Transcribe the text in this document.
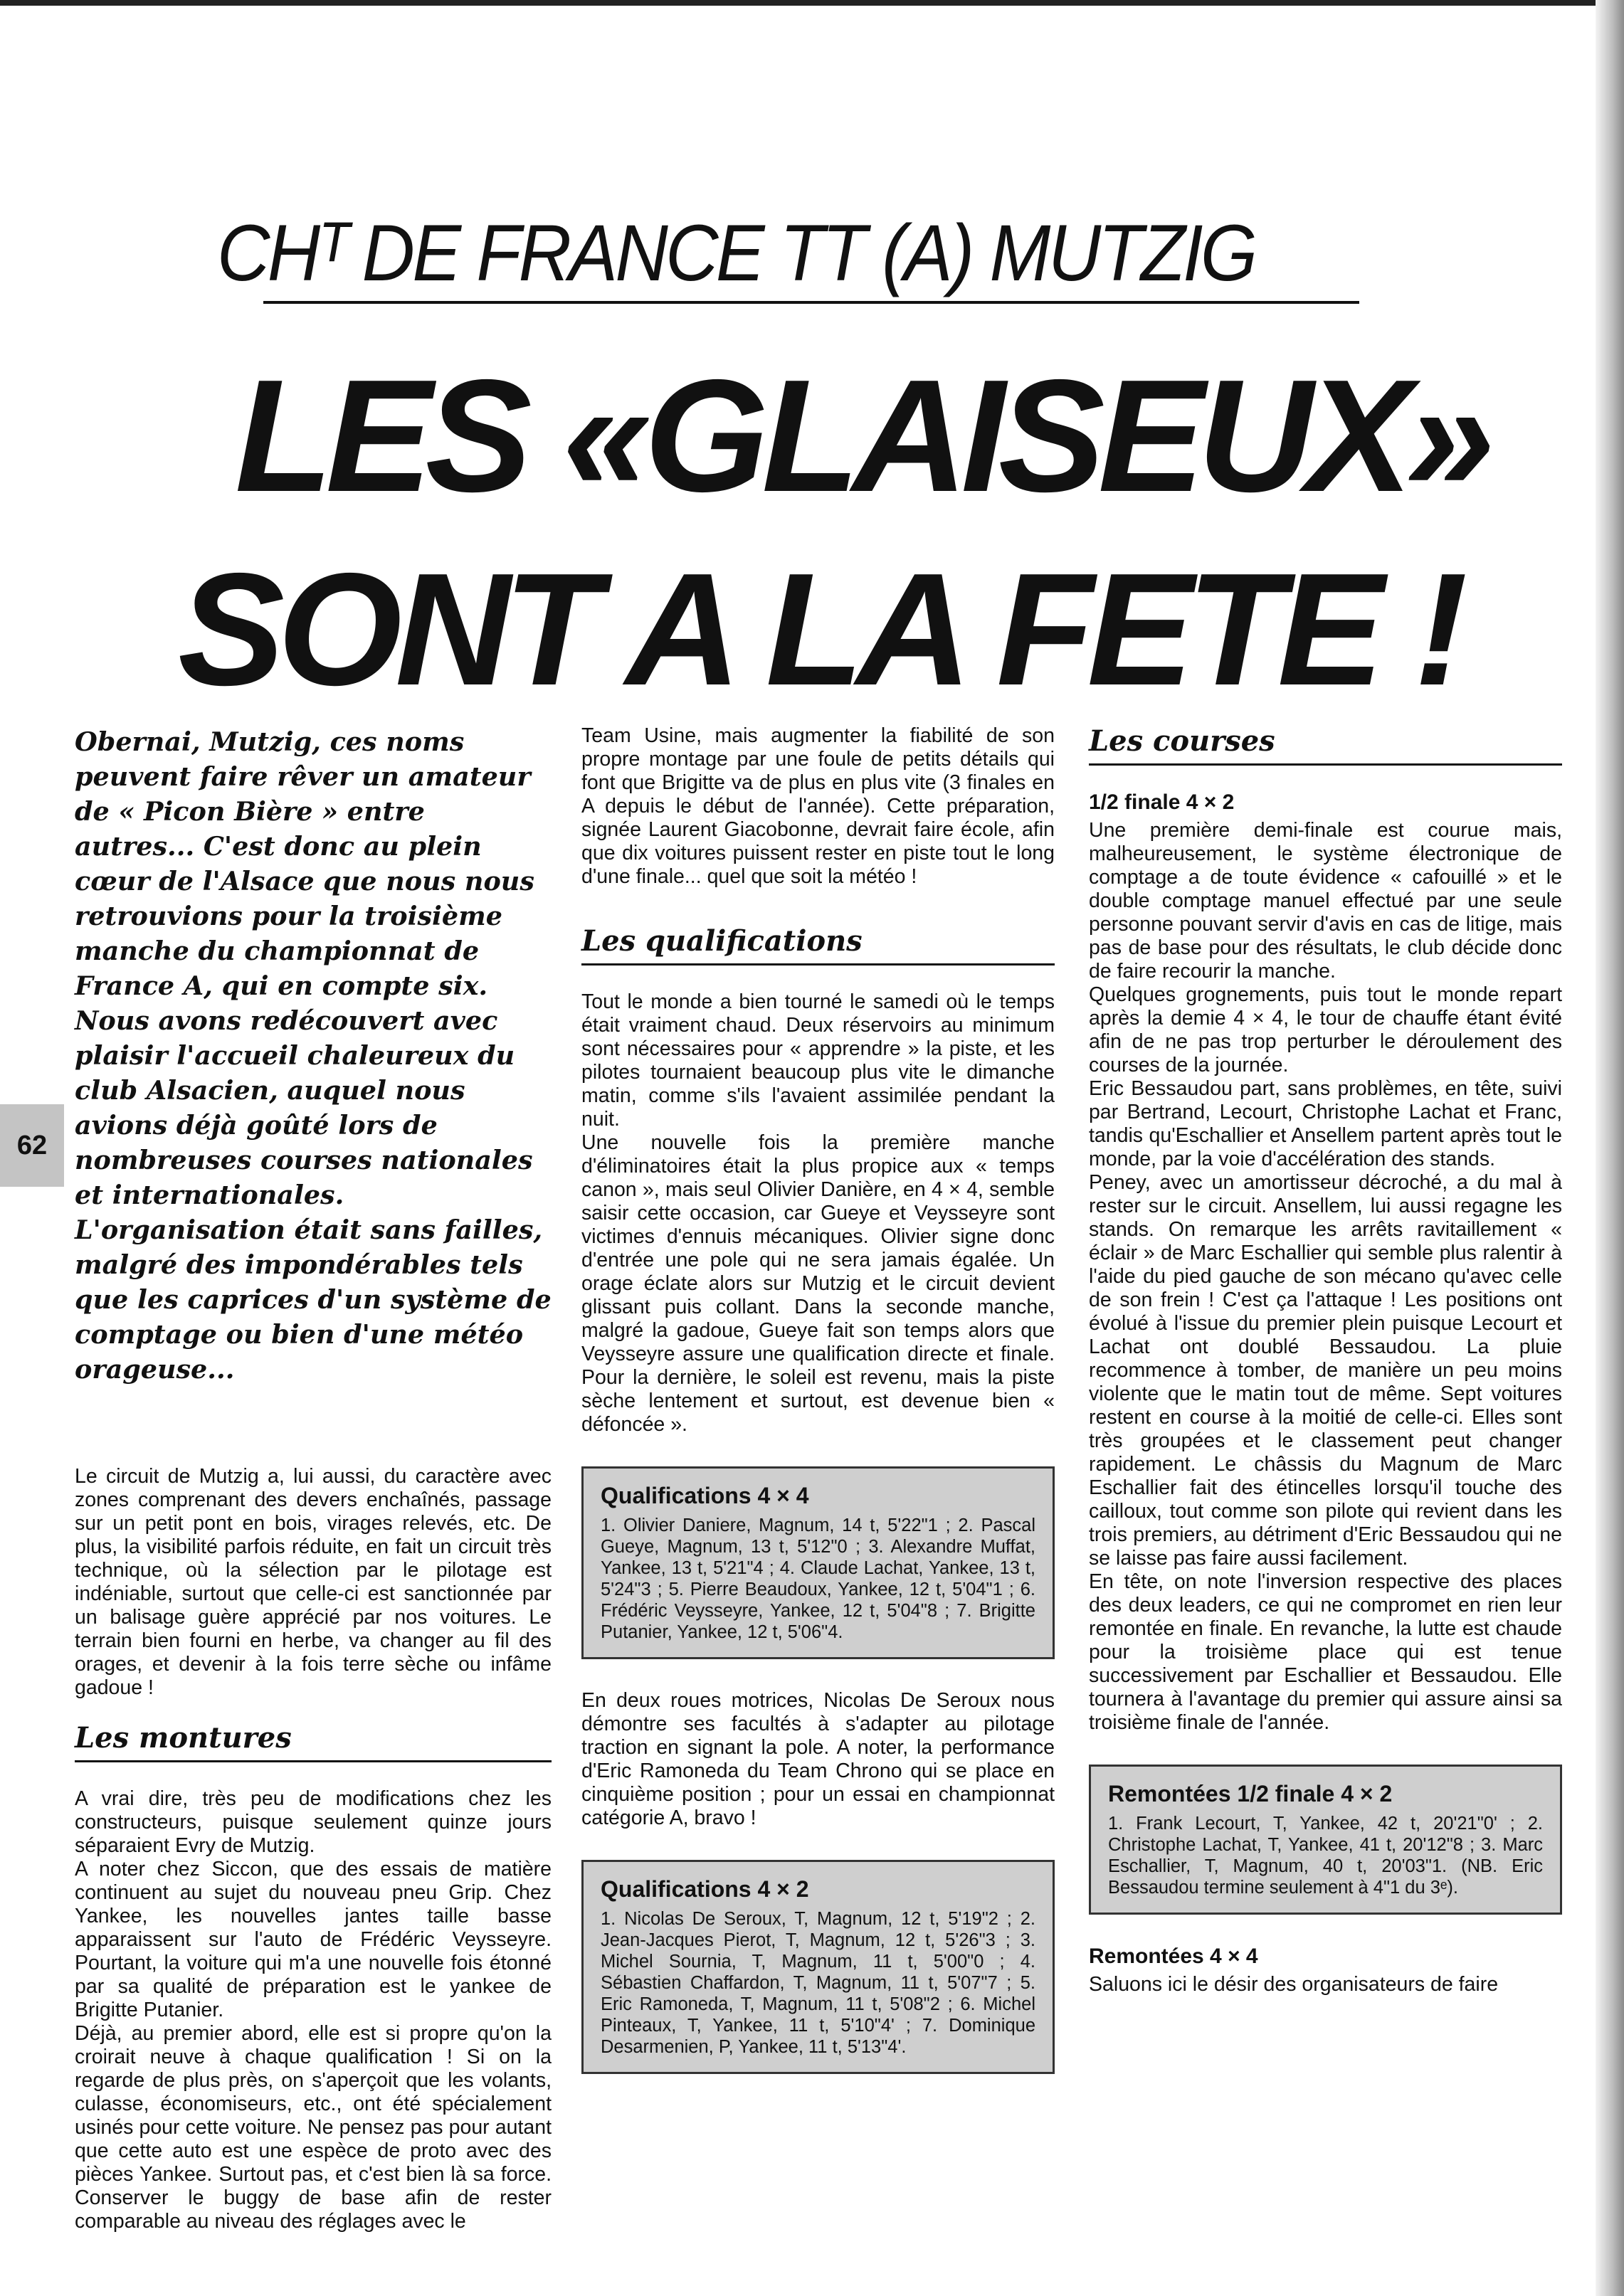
CHᵀ DE FRANCE TT (A) MUTZIG
LES «GLAISEUX»
SONT A LA FETE !
62
Obernai, Mutzig, ces noms peuvent faire rêver un amateur de « Picon Bière » entre autres... C'est donc au plein cœur de l'Alsace que nous nous retrouvions pour la troisième manche du championnat de France A, qui en compte six. Nous avons redécouvert avec plaisir l'accueil chaleureux du club Alsacien, auquel nous avions déjà goûté lors de nombreuses courses nationales et internationales. L'organisation était sans failles, malgré des impondérables tels que les caprices d'un système de comptage ou bien d'une météo orageuse...

Le circuit de Mutzig a, lui aussi, du caractère avec zones comprenant des devers enchaînés, passage sur un petit pont en bois, virages relevés, etc. De plus, la visibilité parfois réduite, en fait un circuit très technique, où la sélection par le pilotage est indéniable, surtout que celle-ci est sanctionnée par un balisage guère apprécié par nos voitures. Le terrain bien fourni en herbe, va changer au fil des orages, et devenir à la fois terre sèche ou infâme gadoue !

Les montures

A vrai dire, très peu de modifications chez les constructeurs, puisque seulement quinze jours séparaient Evry de Mutzig.

A noter chez Siccon, que des essais de matière continuent au sujet du nouveau pneu Grip. Chez Yankee, les nouvelles jantes taille basse apparaissent sur l'auto de Frédéric Veysseyre. Pourtant, la voiture qui m'a une nouvelle fois étonné par sa qualité de préparation est le yankee de Brigitte Putanier.

Déjà, au premier abord, elle est si propre qu'on la croirait neuve à chaque qualification ! Si on la regarde de plus près, on s'aperçoit que les volants, culasse, économiseurs, etc., ont été spécialement usinés pour cette voiture. Ne pensez pas pour autant que cette auto est une espèce de proto avec des pièces Yankee. Surtout pas, et c'est bien là sa force. Conserver le buggy de base afin de rester comparable au niveau des réglages avec le

Team Usine, mais augmenter la fiabilité de son propre montage par une foule de petits détails qui font que Brigitte va de plus en plus vite (3 finales en A depuis le début de l'année). Cette préparation, signée Laurent Giacobonne, devrait faire école, afin que dix voitures puissent rester en piste tout le long d'une finale... quel que soit la météo !

Les qualifications

Tout le monde a bien tourné le samedi où le temps était vraiment chaud. Deux réservoirs au minimum sont nécessaires pour « apprendre » la piste, et les pilotes tournaient beaucoup plus vite le dimanche matin, comme s'ils l'avaient assimilée pendant la nuit.

Une nouvelle fois la première manche d'éliminatoires était la plus propice aux « temps canon », mais seul Olivier Danière, en 4 × 4, semble saisir cette occasion, car Gueye et Veysseyre sont victimes d'ennuis mécaniques. Olivier signe donc d'entrée une pole qui ne sera jamais égalée. Un orage éclate alors sur Mutzig et le circuit devient glissant puis collant. Dans la seconde manche, malgré la gadoue, Gueye fait son temps alors que Veysseyre assure une qualification directe et finale. Pour la dernière, le soleil est revenu, mais la piste sèche lentement et surtout, est devenue bien « défoncée ».

Qualifications 4 × 4
1. Olivier Daniere, Magnum, 14 t, 5'22"1 ; 2. Pascal Gueye, Magnum, 13 t, 5'12"0 ; 3. Alexandre Muffat, Yankee, 13 t, 5'21"4 ; 4. Claude Lachat, Yankee, 13 t, 5'24"3 ; 5. Pierre Beaudoux, Yankee, 12 t, 5'04"1 ; 6. Frédéric Veysseyre, Yankee, 12 t, 5'04"8 ; 7. Brigitte Putanier, Yankee, 12 t, 5'06"4.

En deux roues motrices, Nicolas De Seroux nous démontre ses facultés à s'adapter au pilotage traction en signant la pole. A noter, la performance d'Eric Ramoneda du Team Chrono qui se place en cinquième position ; pour un essai en championnat catégorie A, bravo !

Qualifications 4 × 2
1. Nicolas De Seroux, T, Magnum, 12 t, 5'19"2 ; 2. Jean-Jacques Pierot, T, Magnum, 12 t, 5'26"3 ; 3. Michel Sournia, T, Magnum, 11 t, 5'00"0 ; 4. Sébastien Chaffardon, T, Magnum, 11 t, 5'07"7 ; 5. Eric Ramoneda, T, Magnum, 11 t, 5'08"2 ; 6. Michel Pinteaux, T, Yankee, 11 t, 5'10"4' ; 7. Dominique Desarmenien, P, Yankee, 11 t, 5'13"4'.
Les courses
1/2 finale 4 × 2

Une première demi-finale est courue mais, malheureusement, le système électronique de comptage a de toute évidence « cafouillé » et le double comptage manuel effectué par une seule personne pouvant servir d'avis en cas de litige, mais pas de base pour des résultats, le club décide donc de faire recourir la manche.

Quelques grognements, puis tout le monde repart après la demie 4 × 4, le tour de chauffe étant évité afin de ne pas trop perturber le déroulement des courses de la journée.

Eric Bessaudou part, sans problèmes, en tête, suivi par Bertrand, Lecourt, Christophe Lachat et Franc, tandis qu'Eschallier et Ansellem partent après tout le monde, par la voie d'accélération des stands.

Peney, avec un amortisseur décroché, a du mal à rester sur le circuit. Ansellem, lui aussi regagne les stands. On remarque les arrêts ravitaillement « éclair » de Marc Eschallier qui semble plus ralentir à l'aide du pied gauche de son mécano qu'avec celle de son frein ! C'est ça l'attaque ! Les positions ont évolué à l'issue du premier plein puisque Lecourt et Lachat ont doublé Bessaudou. La pluie recommence à tomber, de manière un peu moins violente que le matin tout de même. Sept voitures restent en course à la moitié de celle-ci. Elles sont très groupées et le classement peut changer rapidement. Le châssis du Magnum de Marc Eschallier fait des étincelles lorsqu'il touche des cailloux, tout comme son pilote qui revient dans les trois premiers, au détriment d'Eric Bessaudou qui ne se laisse pas faire aussi facilement.

En tête, on note l'inversion respective des places des deux leaders, ce qui ne compromet en rien leur remontée en finale. En revanche, la lutte est chaude pour la troisième place qui est tenue successivement par Eschallier et Bessaudou. Elle tournera à l'avantage du premier qui assure ainsi sa troisième finale de l'année.

Remontées 1/2 finale 4 × 2
1. Frank Lecourt, T, Yankee, 42 t, 20'21"0' ; 2. Christophe Lachat, T, Yankee, 41 t, 20'12"8 ; 3. Marc Eschallier, T, Magnum, 40 t, 20'03"1. (NB. Eric Bessaudou termine seulement à 4"1 du 3ᵉ).
Remontées 4 × 4

Saluons ici le désir des organisateurs de faire
